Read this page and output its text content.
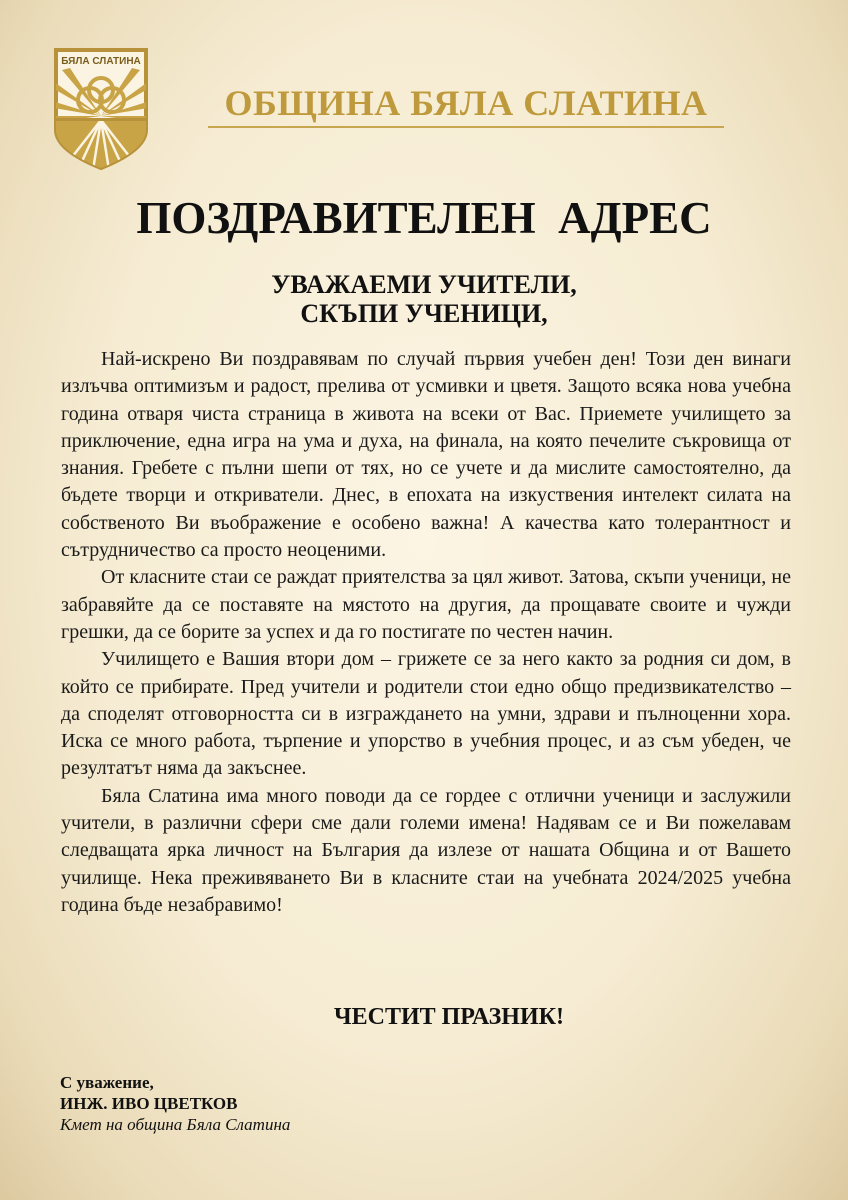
БЯЛА СЛАТИНА
ОБЩИНА БЯЛА СЛАТИНА
ПОЗДРАВИТЕЛЕН  АДРЕС
УВАЖАЕМИ УЧИТЕЛИ,
СКЪПИ УЧЕНИЦИ,

Най-искрено Ви поздравявам по случай първия учебен ден! Този ден винаги излъчва оптимизъм и радост, прелива от усмивки и цветя. Защото всяка нова учебна година отваря чиста страница в живота на всеки от Вас. Приемете училището за приключение, една игра на ума и духа, на финала, на която печелите съкровища от знания. Гребете с пълни шепи от тях, но се учете и да мислите самостоятелно, да бъдете творци и откриватели. Днес, в епохата на изкуствения интелект силата на собственото Ви въображение е особено важна! А качества като толерантност и сътрудничество са просто неоценими.

От класните стаи се раждат приятелства за цял живот. Затова, скъпи ученици, не забравяйте да се поставяте на мястото на другия, да прощавате своите и чужди грешки, да се борите за успех и да го постигате по честен начин.

Училището е Вашия втори дом – грижете се за него както за родния си дом, в който се прибирате. Пред учители и родители стои едно общо предизвикателство – да споделят отговорността си в изграждането на умни, здрави и пълноценни хора. Иска се много работа, търпение и упорство в учебния процес, и аз съм убеден, че резултатът няма да закъснее.

Бяла Слатина има много поводи да се гордее с отлични ученици и заслужили учители, в различни сфери сме дали големи имена! Надявам се и Ви пожелавам следващата ярка личност на България да излезе от нашата Община и от Вашето училище. Нека преживяването Ви в класните стаи на учебната 2024/2025 учебна година бъде незабравимо!

ЧЕСТИТ ПРАЗНИК!
С уважение,
ИНЖ. ИВО ЦВЕТКОВ
Кмет на община Бяла Слатина
